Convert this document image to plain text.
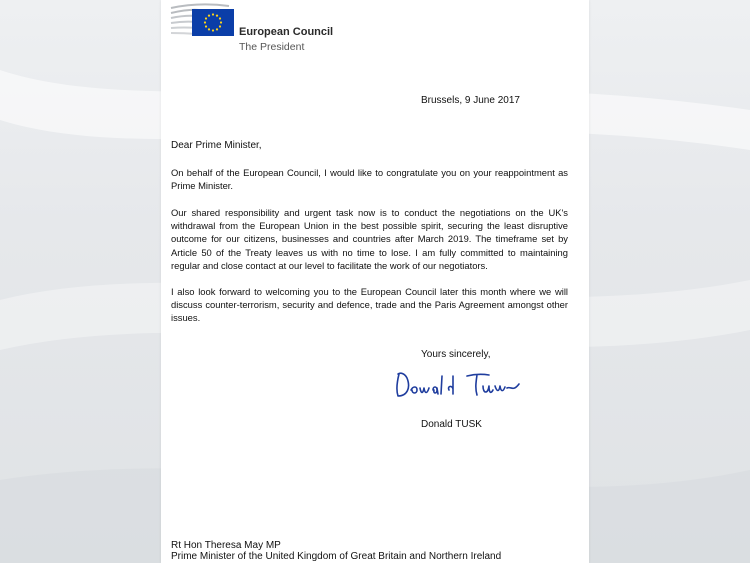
European Council
The President
Brussels, 9 June 2017
Dear Prime Minister,

On behalf of the European Council, I would like to congratulate you on your reappointment as Prime Minister.

Our shared responsibility and urgent task now is to conduct the negotiations on the UK's withdrawal from the European Union in the best possible spirit, securing the least disruptive outcome for our citizens, businesses and countries after March 2019. The timeframe set by Article 50 of the Treaty leaves us with no time to lose. I am fully committed to maintaining regular and close contact at our level to facilitate the work of our negotiators.

I also look forward to welcoming you to the European Council later this month where we will discuss counter-terrorism, security and defence, trade and the Paris Agreement amongst other issues.

Yours sincerely,
Donald TUSK
Rt Hon Theresa May MP
Prime Minister of the United Kingdom of Great Britain and Northern Ireland
